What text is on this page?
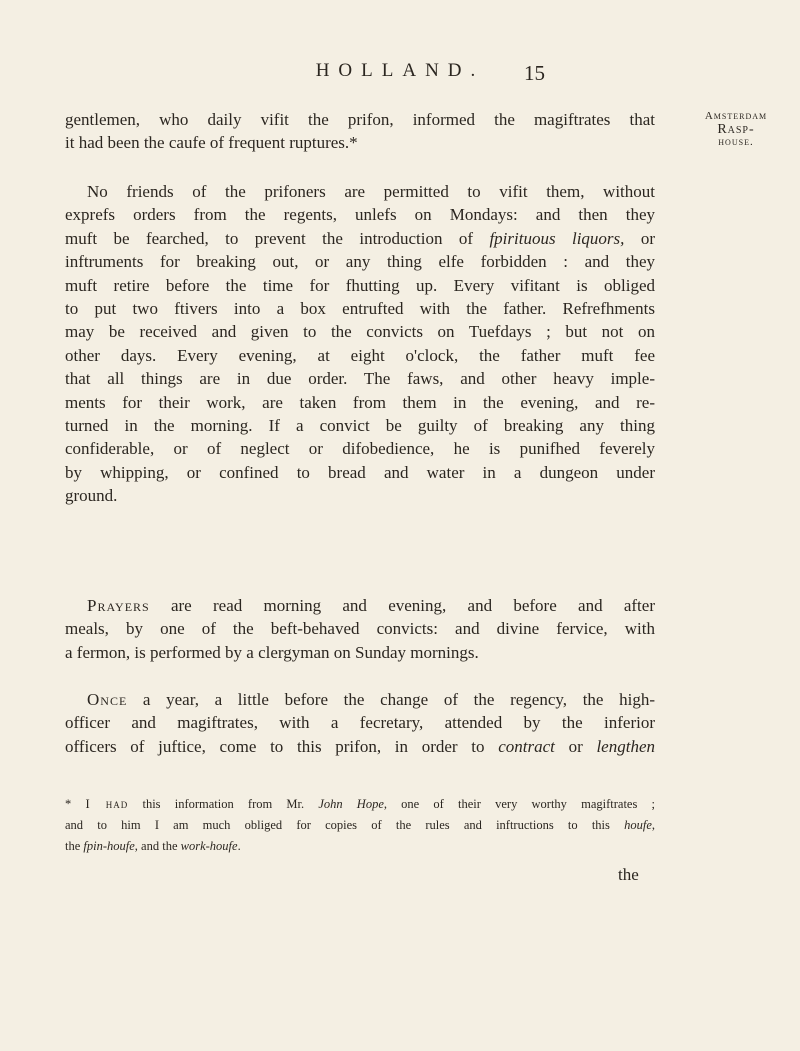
HOLLAND.	15
Amsterdam
Rasp-
house.
gentlemen, who daily vifit the prifon, informed the magiftrates that
it had been the caufe of frequent ruptures.*
No friends of the prifoners are permitted to vifit them, without
exprefs orders from the regents, unlefs on Mondays: and then they
muft be fearched, to prevent the introduction of fpirituous liquors, or
inftruments for breaking out, or any thing elfe forbidden : and they
muft retire before the time for fhutting up. Every vifitant is obliged
to put two ftivers into a box entrufted with the father. Refrefhments
may be received and given to the convicts on Tuefdays ; but not on
other days. Every evening, at eight o'clock, the father muft fee
that all things are in due order. The faws, and other heavy imple-
ments for their work, are taken from them in the evening, and re-
turned in the morning. If a convict be guilty of breaking any thing
confiderable, or of neglect or difobedience, he is punifhed feverely
by whipping, or confined to bread and water in a dungeon under
ground.
Prayers are read morning and evening, and before and after
meals, by one of the beft-behaved convicts: and divine fervice, with
a fermon, is performed by a clergyman on Sunday mornings.
Once a year, a little before the change of the regency, the high-
officer and magiftrates, with a fecretary, attended by the inferior
officers of juftice, come to this prifon, in order to contract or lengthen
* I had this information from Mr. John Hope, one of their very worthy magiftrates ;
and to him I am much obliged for copies of the rules and inftructions to this houfe,
the fpin-houfe, and the work-houfe.
the
